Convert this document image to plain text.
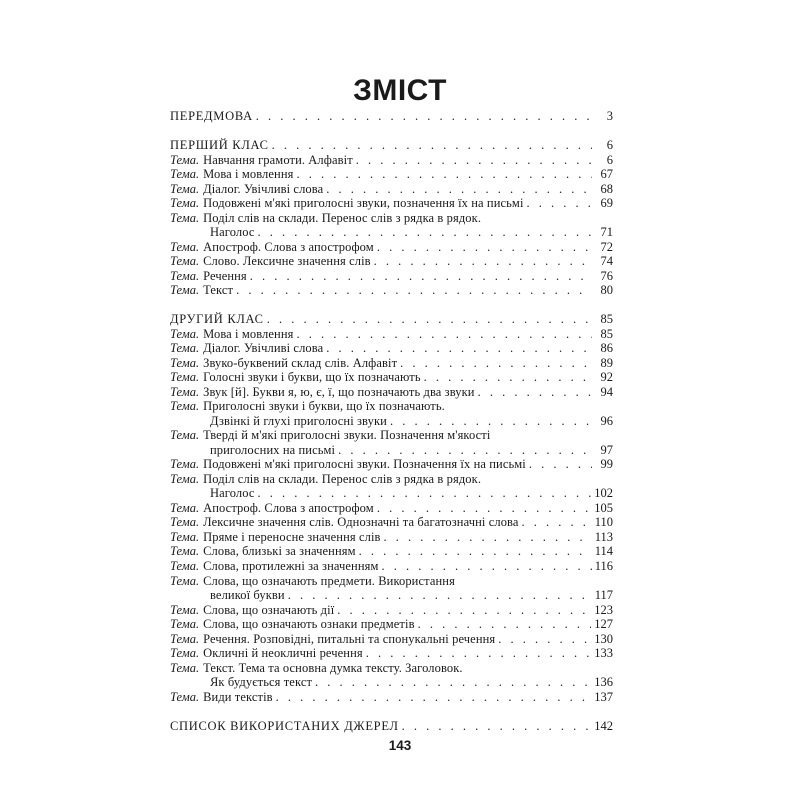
ЗМІСТ
ПЕРЕДМОВА . . .	3
ПЕРШИЙ КЛАС . . .	6
Тема. Навчання грамоти. Алфавіт . . .	6
Тема. Мова і мовлення . . .	67
Тема. Діалог. Увічливі слова . . .	68
Тема. Подовжені м'які приголосні звуки, позначення їх на письмі . . .	69
Тема. Поділ слів на склади. Перенос слів з рядка в рядок.
Наголос . . .	71
Тема. Апостроф. Слова з апострофом . . .	72
Тема. Слово. Лексичне значення слів . . .	74
Тема. Речення . . .	76
Тема. Текст . . .	80
ДРУГИЙ КЛАС . . .	85
Тема. Мова і мовлення . . .	85
Тема. Діалог. Увічливі слова . . .	86
Тема. Звуко-буквений склад слів. Алфавіт . . .	89
Тема. Голосні звуки і букви, що їх позначають . . .	92
Тема. Звук [й]. Букви я, ю, є, ї, що позначають два звуки . . .	94
Тема. Приголосні звуки і букви, що їх позначають.
Дзвінкі й глухі приголосні звуки . . .	96
Тема. Тверді й м'які приголосні звуки. Позначення м'якості
приголосних на письмі . . .	97
Тема. Подовжені м'які приголосні звуки. Позначення їх на письмі . . .	99
Тема. Поділ слів на склади. Перенос слів з рядка в рядок.
Наголос . . .	102
Тема. Апостроф. Слова з апострофом . . .	105
Тема. Лексичне значення слів. Однозначні та багатозначні слова . . .	110
Тема. Пряме і переносне значення слів . . .	113
Тема. Слова, близькі за значенням . . .	114
Тема. Слова, протилежні за значенням . . .	116
Тема. Слова, що означають предмети. Використання
великої букви . . .	117
Тема. Слова, що означають дії . . .	123
Тема. Слова, що означають ознаки предметів . . .	127
Тема. Речення. Розповідні, питальні та спонукальні речення . . .	130
Тема. Окличні й неокличні речення . . .	133
Тема. Текст. Тема та основна думка тексту. Заголовок.
Як будується текст . . .	136
Тема. Види текстів . . .	137
СПИСОК ВИКОРИСТАНИХ ДЖЕРЕЛ . . .	142
143
